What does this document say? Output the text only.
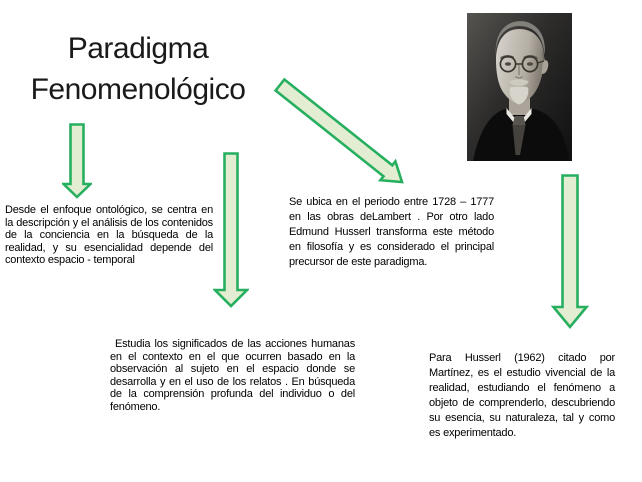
Paradigma
Fenomenológico
Desde el enfoque ontológico, se centra en la descripción y el análisis de los contenidos de la conciencia en la búsqueda de la realidad, y su esencialidad depende del contexto espacio - temporal
Estudia los significados de las acciones humanas en el contexto en el que ocurren basado en la observación al sujeto en el espacio donde se desarrolla y en el uso de los relatos . En búsqueda de la comprensión profunda del individuo o del fenómeno.
Se ubica en el periodo entre 1728 – 1777 en las obras deLambert . Por otro lado Edmund Husserl transforma este método en filosofía y es considerado el principal precursor de este paradigma.
Para Husserl (1962) citado por Martínez, es el estudio vivencial de la realidad, estudiando el fenómeno a objeto de comprenderlo, descubriendo su esencia, su naturaleza, tal y como es experimentado.
